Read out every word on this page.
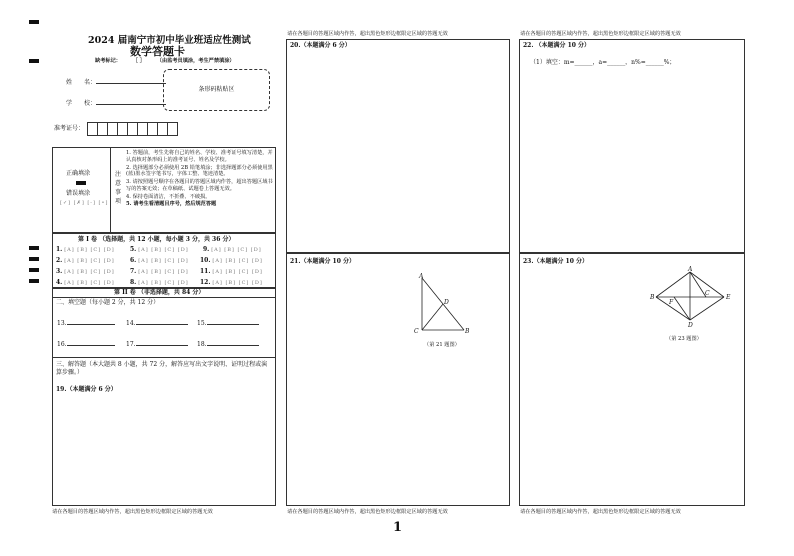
2024 届南宁市初中毕业班适应性测试
数学答题卡
缺考标记： ［ ］ （由监考员填涂，考生严禁填涂）
姓　　名：
学　　校：
条形码粘贴区
准考证号：
正确填涂
错误填涂
[✓] [✗] [-] [•]
注意事项
1. 答题前，考生先将自己的姓名、学校、准考证号填写清楚，并认真核对条形码上的准考证号、姓名及学校。
2. 选择题部分必须使用 2B 铅笔填涂；非选择题部分必须使用黑(蓝)墨水签字笔书写，字体工整、笔迹清楚。
3. 请按照题号顺序在各题目的答题区域内作答，超出答题区域书写的答案无效；在草稿纸、试题卷上答题无效。
4. 保持卷面清洁，不折叠、不破损。
5. 请考生看清题目序号，然后规范答题
第 I 卷 （选择题，共 12 小题，每小题 3 分，共 36 分）
1. [A] [B] [C] [D]
2. [A] [B] [C] [D]
3. [A] [B] [C] [D]
4. [A] [B] [C] [D]
5. [A] [B] [C] [D]
6. [A] [B] [C] [D]
7. [A] [B] [C] [D]
8. [A] [B] [C] [D]
9. [A] [B] [C] [D]
10. [A] [B] [C] [D]
11. [A] [B] [C] [D]
12. [A] [B] [C] [D]
第 II 卷 （非选择题，共 84 分）
二、填空题（每小题 2 分，共 12 分）
13.	14.	15.
16.	17.	18.
三、解答题（本大题共 8 小题，共 72 分，解答应写出文字说明、证明过程或演算步骤。）
19.（本题满分 6 分）
请在各题目的答题区域内作答，超出黑色矩形边框限定区域的答题无效
请在各题目的答题区域内作答，超出黑色矩形边框限定区域的答题无效
20.（本题满分 6 分）
21.（本题满分 10 分）
A
D
C	B
（第 21 题图）
请在各题目的答题区域内作答，超出黑色矩形边框限定区域的答题无效
请在各题目的答题区域内作答，超出黑色矩形边框限定区域的答题无效
22. （本题满分 10 分）
（1）填空：m=______，a=______，n%=______%；
23.（本题满分 10 分）
A
B
F
C
E
D
（第 23 题图）
请在各题目的答题区域内作答，超出黑色矩形边框限定区域的答题无效
1
